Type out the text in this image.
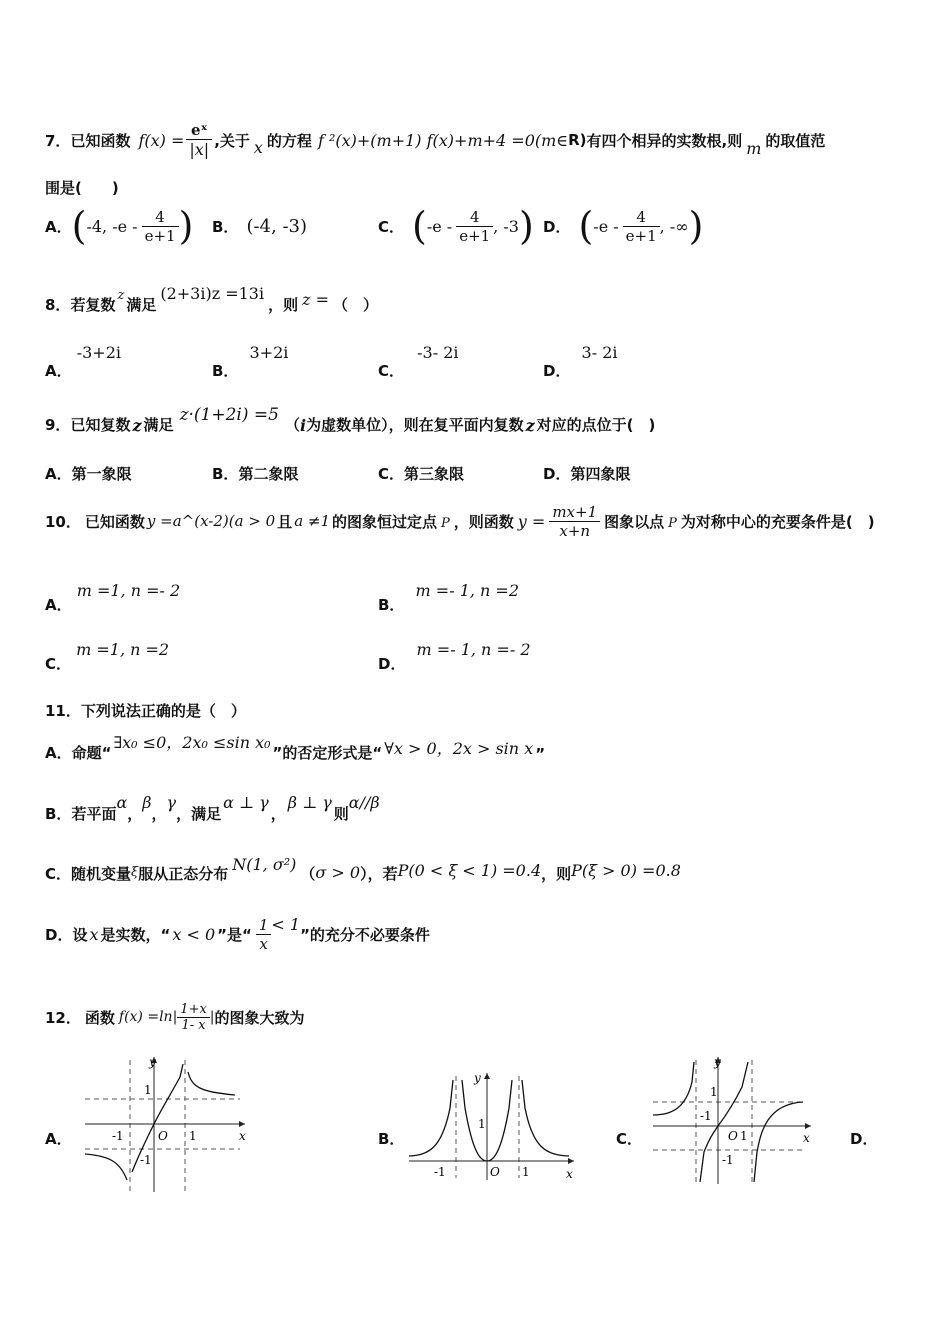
7． 已知函数 $f(x) = \frac{\text{eˣ}}{|x|}$ ,关于 x 的方程 f ²(x)+(m+1) f(x)+m+4 =0(m∈ R) 有四个相异的实数根,则 m 的取值范
围是(　　)
A． ( -4, $-e - \frac{4}{e+1}$ ) B． (-4, -3)	C． ( $-e - \frac{4}{e+1}$ , -3 ) D． ( $-e - \frac{4}{e+1}$ , -∞ )
8． 若复数
z
满足
(2+3i)z =13i
，则 z = （　）
A． -3+2i
B． 3+2i
C． -3- 2i
D． 3- 2i
9． 已知复数 z 满足 z·(1+2i) =5 （ i 为虚数单位），则在复平面内复数 z 对应的点位于(　)
A．第一象限	B．第二象限	C．第三象限	D．第四象限
10． 已知函数 y =a^(x-2)(a > 0 且 a ≠1 的图象恒过定点 P ，则函数 $y = \frac{mx+1}{x+n}$ 图象以点 P 为对称中心的充要条件是(　)
A． m =1, n =- 2
B． m =- 1, n =2
C． m =1, n =2
D． m =- 1, n =- 2
11．下列说法正确的是（　）
A． 命题“
∃x₀ ≤0，2x₀ ≤sin x₀
”的否定形式是“ ∀x > 0，2x > sin x ”
B． 若平面
α
，
β
，
γ
，满足
α ⊥ γ
，
β ⊥ γ
则
α//β
C． 随机变量 ξ 服从正态分布 N(1, σ²) （ σ > 0 ），若 P(0 < ξ < 1) =0.4 ，则 P(ξ > 0) =0.8
D． 设 x 是实数，“ x < 0 ”是“ $\frac{1}{x} < 1$
”的充分不必要条件
12． 函数 $f(x) =\ln| \frac{1+x}{1- x}$ | 的图象大致为
A．
y
x
O
1
1
-1
-1
B．
y
x
O
1
1
-1
C．
y
x
O
1
1
-1
-1
D．
